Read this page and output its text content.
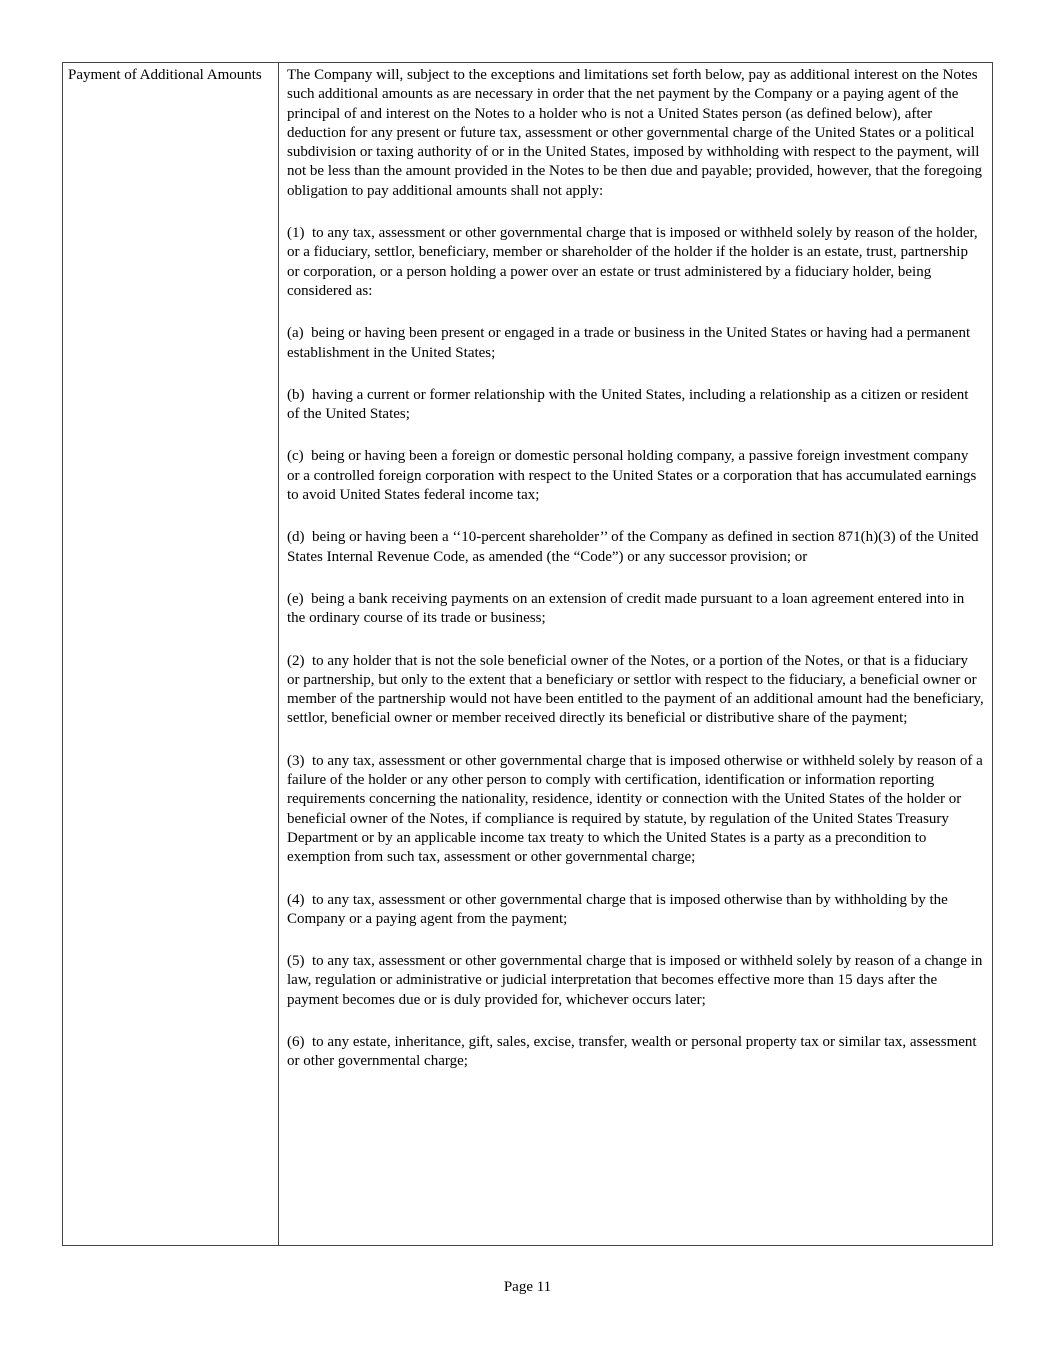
Payment of Additional Amounts	The Company will, subject to the exceptions and limitations set forth below, pay as additional interest on the Notes such additional amounts as are necessary in order that the net payment by the Company or a paying agent of the principal of and interest on the Notes to a holder who is not a United States person (as defined below), after deduction for any present or future tax, assessment or other governmental charge of the United States or a political subdivision or taxing authority of or in the United States, imposed by withholding with respect to the payment, will not be less than the amount provided in the Notes to be then due and payable; provided, however, that the foregoing obligation to pay additional amounts shall not apply:

(1)  to any tax, assessment or other governmental charge that is imposed or withheld solely by reason of the holder, or a fiduciary, settlor, beneficiary, member or shareholder of the holder if the holder is an estate, trust, partnership or corporation, or a person holding a power over an estate or trust administered by a fiduciary holder, being considered as:

(a)  being or having been present or engaged in a trade or business in the United States or having had a permanent establishment in the United States;

(b)  having a current or former relationship with the United States, including a relationship as a citizen or resident of the United States;

(c)  being or having been a foreign or domestic personal holding company, a passive foreign investment company or a controlled foreign corporation with respect to the United States or a corporation that has accumulated earnings to avoid United States federal income tax;

(d)  being or having been a ‘‘10-percent shareholder’’ of the Company as defined in section 871(h)(3) of the United States Internal Revenue Code, as amended (the “Code”) or any successor provision; or

(e)  being a bank receiving payments on an extension of credit made pursuant to a loan agreement entered into in the ordinary course of its trade or business;

(2)  to any holder that is not the sole beneficial owner of the Notes, or a portion of the Notes, or that is a fiduciary or partnership, but only to the extent that a beneficiary or settlor with respect to the fiduciary, a beneficial owner or member of the partnership would not have been entitled to the payment of an additional amount had the beneficiary, settlor, beneficial owner or member received directly its beneficial or distributive share of the payment;

(3)  to any tax, assessment or other governmental charge that is imposed otherwise or withheld solely by reason of a failure of the holder or any other person to comply with certification, identification or information reporting requirements concerning the nationality, residence, identity or connection with the United States of the holder or beneficial owner of the Notes, if compliance is required by statute, by regulation of the United States Treasury Department or by an applicable income tax treaty to which the United States is a party as a precondition to exemption from such tax, assessment or other governmental charge;

(4)  to any tax, assessment or other governmental charge that is imposed otherwise than by withholding by the Company or a paying agent from the payment;

(5)  to any tax, assessment or other governmental charge that is imposed or withheld solely by reason of a change in law, regulation or administrative or judicial interpretation that becomes effective more than 15 days after the payment becomes due or is duly provided for, whichever occurs later;

(6)  to any estate, inheritance, gift, sales, excise, transfer, wealth or personal property tax or similar tax, assessment or other governmental charge;

Page 11
